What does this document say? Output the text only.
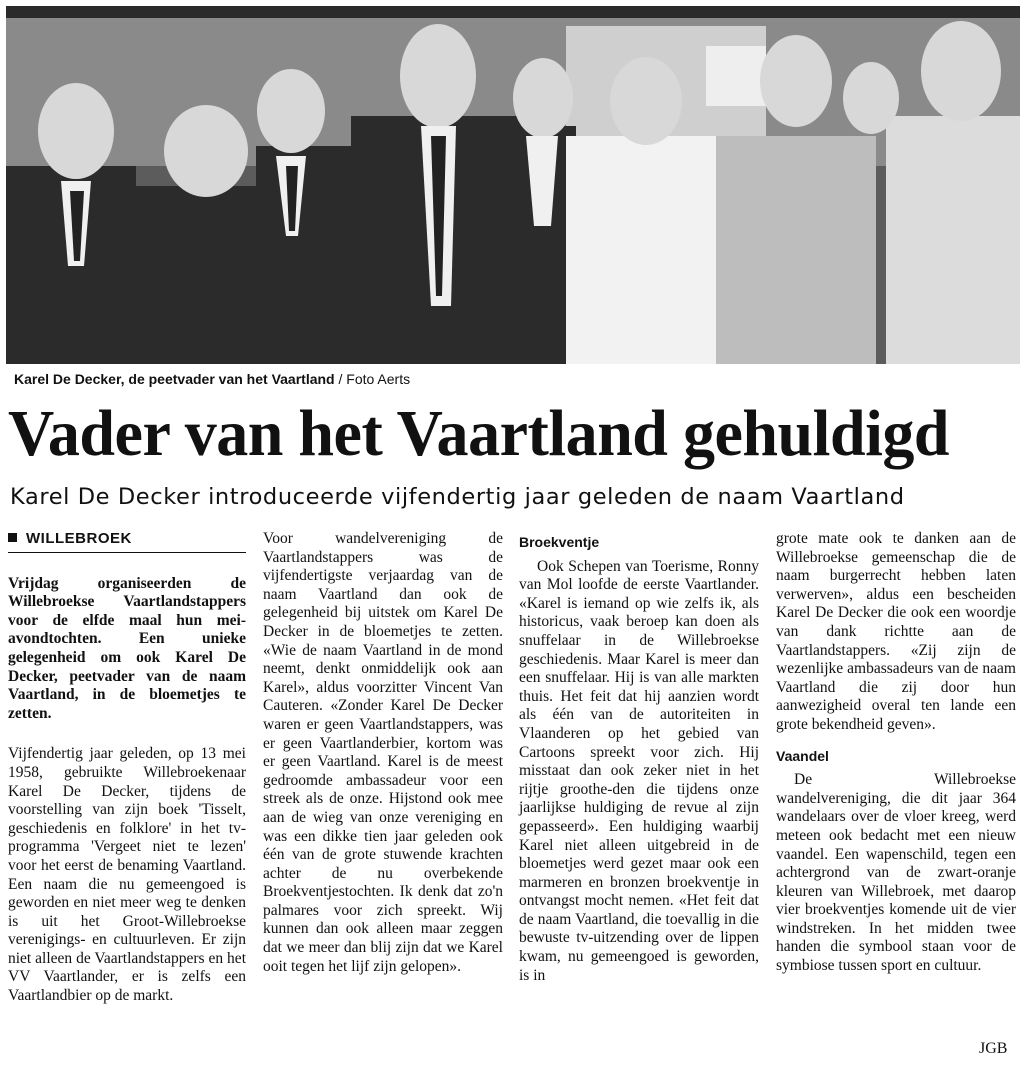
Karel De Decker, de peetvader van het Vaartland / Foto Aerts
Vader van het Vaartland gehuldigd
Karel De Decker introduceerde vijfendertig jaar geleden de naam Vaartland
WILLEBROEK

Vrijdag organiseerden de Willebroekse Vaartlandstappers voor de elfde maal hun mei-avondtochten. Een unieke gelegenheid om ook Karel De Decker, peetvader van de naam Vaartland, in de bloemetjes te zetten.

Vijfendertig jaar geleden, op 13 mei 1958, gebruikte Willebroekenaar Karel De Decker, tijdens de voorstelling van zijn boek 'Tisselt, geschiedenis en folklore' in het tv-programma 'Vergeet niet te lezen' voor het eerst de benaming Vaartland. Een naam die nu gemeengoed is geworden en niet meer weg te denken is uit het Groot-Willebroekse verenigings- en cultuurleven. Er zijn niet alleen de Vaartlandstappers en het VV Vaartlander, er is zelfs een Vaartlandbier op de markt.

Voor wandelvereniging de Vaartlandstappers was de vijfendertigste verjaardag van de naam Vaartland dan ook de gelegenheid bij uitstek om Karel De Decker in de bloemetjes te zetten. «Wie de naam Vaartland in de mond neemt, denkt onmiddelijk ook aan Karel», aldus voorzitter Vincent Van Cauteren. «Zonder Karel De Decker waren er geen Vaartlandstappers, was er geen Vaartlanderbier, kortom was er geen Vaartland. Karel is de meest gedroomde ambassadeur voor een streek als de onze. Hijstond ook mee aan de wieg van onze vereniging en was een dikke tien jaar geleden ook één van de grote stuwende krachten achter de nu overbekende Broekventjestochten. Ik denk dat zo'n palmares voor zich spreekt. Wij kunnen dan ook alleen maar zeggen dat we meer dan blij zijn dat we Karel ooit tegen het lijf zijn gelopen».

Broekventje

Ook Schepen van Toerisme, Ronny van Mol loofde de eerste Vaartlander. «Karel is iemand op wie zelfs ik, als historicus, vaak beroep kan doen als snuffelaar in de Willebroekse geschiedenis. Maar Karel is meer dan een snuffelaar. Hij is van alle markten thuis. Het feit dat hij aanzien wordt als één van de autoriteiten in Vlaanderen op het gebied van Cartoons spreekt voor zich. Hij misstaat dan ook zeker niet in het rijtje groothe-den die tijdens onze jaarlijkse huldiging de revue al zijn gepasseerd». Een huldiging waarbij Karel niet alleen uitgebreid in de bloemetjes werd gezet maar ook een marmeren en bronzen broekventje in ontvangst mocht nemen. «Het feit dat de naam Vaartland, die toevallig in die bewuste tv-uitzending over de lippen kwam, nu gemeengoed is geworden, is in

grote mate ook te danken aan de Willebroekse gemeenschap die de naam burgerrecht hebben laten verwerven», aldus een bescheiden Karel De Decker die ook een woordje van dank richtte aan de Vaartlandstappers. «Zij zijn de wezenlijke ambassadeurs van de naam Vaartland die zij door hun aanwezigheid overal ten lande een grote bekendheid geven».

Vaandel

De Willebroekse wandelvereniging, die dit jaar 364 wandelaars over de vloer kreeg, werd meteen ook bedacht met een nieuw vaandel. Een wapenschild, tegen een achtergrond van de zwart-oranje kleuren van Willebroek, met daarop vier broekventjes komende uit de vier windstreken. In het midden twee handen die symbool staan voor de symbiose tussen sport en cultuur.

JGB
